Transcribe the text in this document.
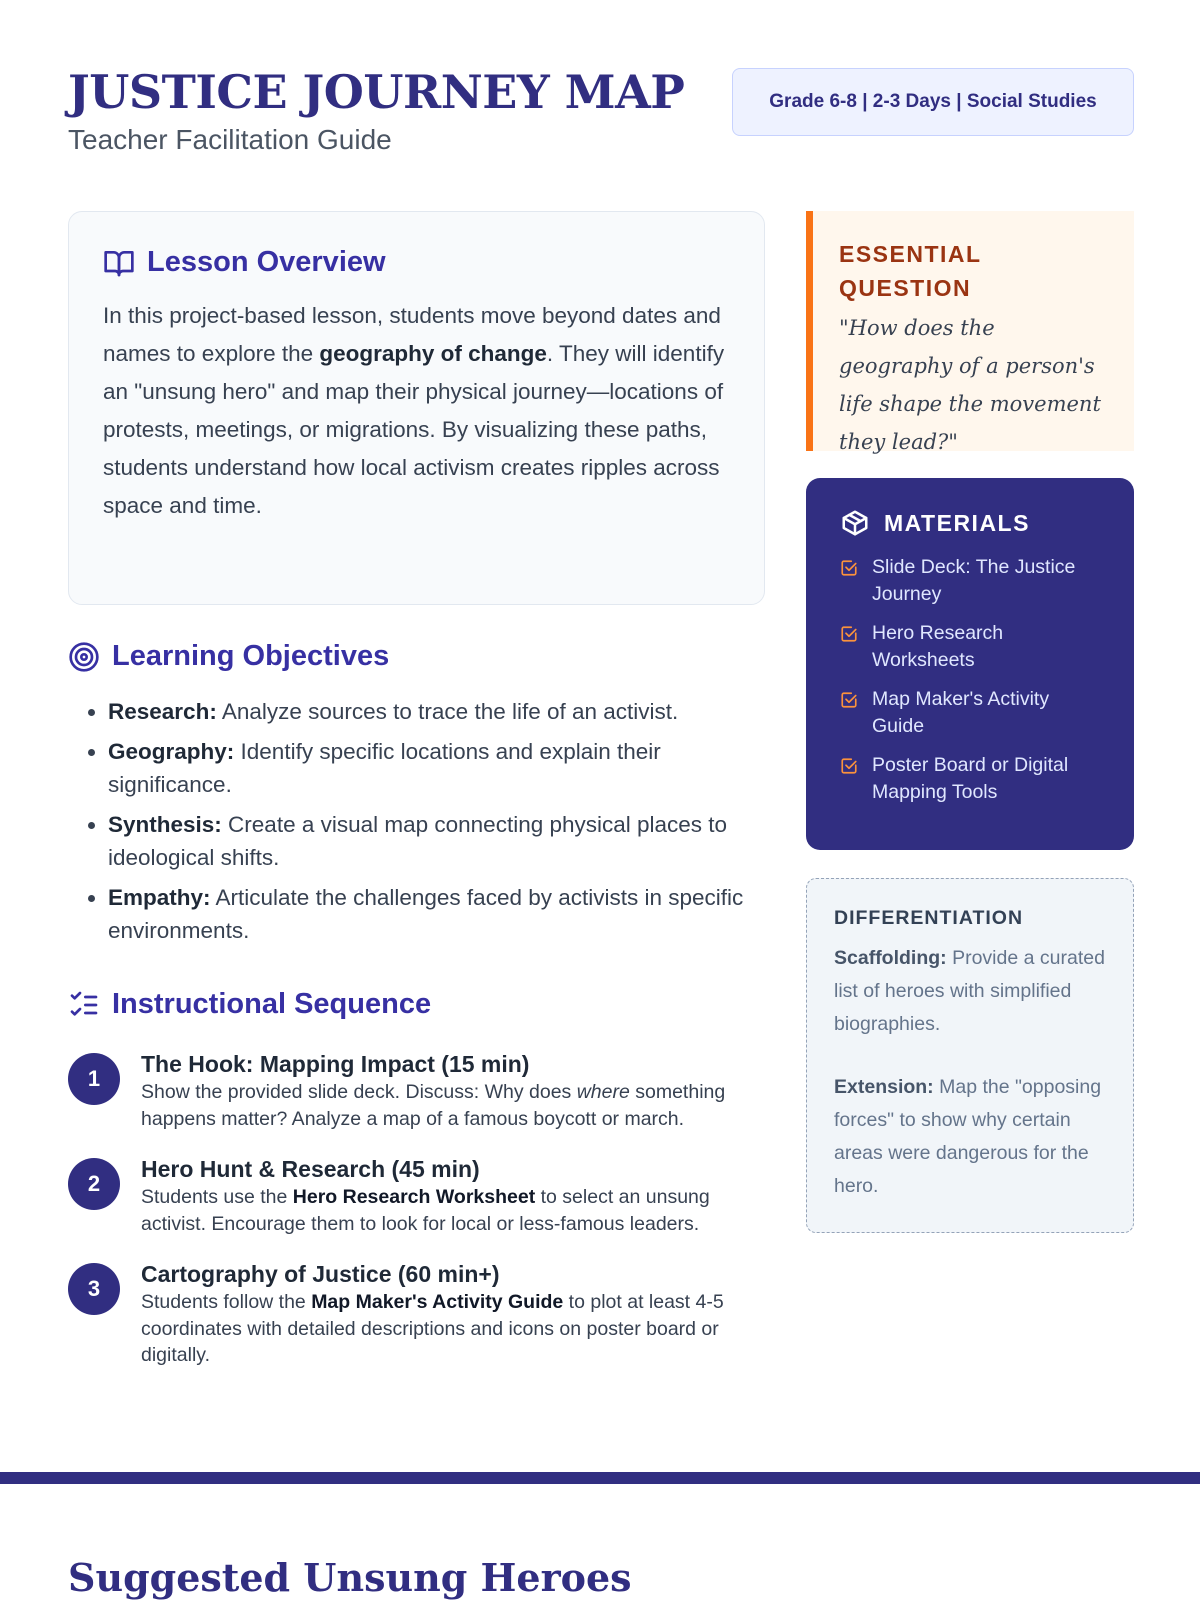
JUSTICE JOURNEY MAP
Teacher Facilitation Guide
Grade 6-8 | 2-3 Days | Social Studies
Lesson Overview

In this project-based lesson, students move beyond dates and names to explore the geography of change. They will identify an "unsung hero" and map their physical journey—locations of protests, meetings, or migrations. By visualizing these paths, students understand how local activism creates ripples across space and time.

Learning Objectives
• Research: Analyze sources to trace the life of an activist.
• Geography: Identify specific locations and explain their significance.
• Synthesis: Create a visual map connecting physical places to ideological shifts.
• Empathy: Articulate the challenges faced by activists in specific environments.
Instructional Sequence
1
The Hook: Mapping Impact (15 min)
Show the provided slide deck. Discuss: Why does where something happens matter? Analyze a map of a famous boycott or march.
2
Hero Hunt & Research (45 min)
Students use the Hero Research Worksheet to select an unsung activist. Encourage them to look for local or less-famous leaders.
3
Cartography of Justice (60 min+)
Students follow the Map Maker's Activity Guide to plot at least 4-5 coordinates with detailed descriptions and icons on poster board or digitally.
ESSENTIAL QUESTION
"How does the geography of a person's life shape the movement they lead?"
MATERIALS
Slide Deck: The Justice Journey
Hero Research Worksheets
Map Maker's Activity Guide
Poster Board or Digital Mapping Tools
DIFFERENTIATION

Scaffolding: Provide a curated list of heroes with simplified biographies.

Extension: Map the "opposing forces" to show why certain areas were dangerous for the hero.

Suggested Unsung Heroes
